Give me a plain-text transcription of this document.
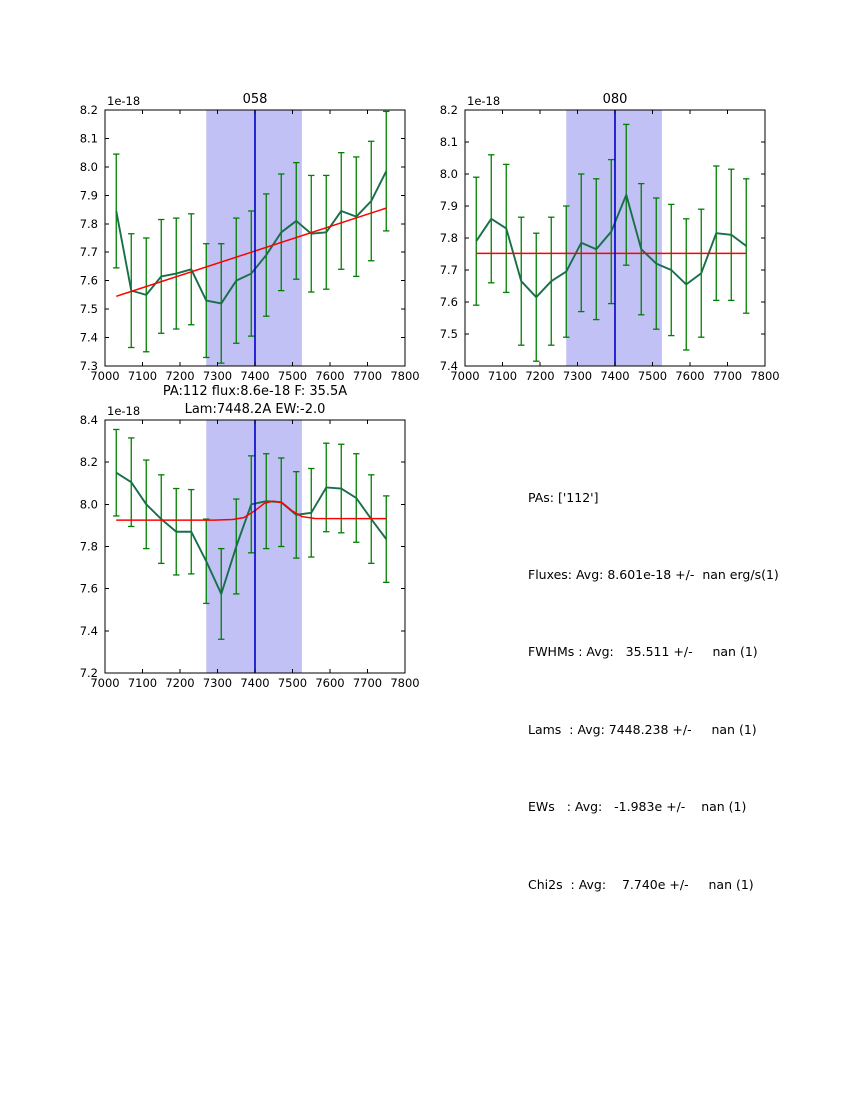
7000 7100 7200 7300 7400 7500 7600 7700 7800
7.3
7.4
7.5
7.6
7.7
7.8
7.9
8.0
8.1
8.2
058
1e-18
7000 7100 7200 7300 7400 7500 7600 7700 7800
7.4
7.5
7.6
7.7
7.8
7.9
8.0
8.1
8.2
080
1e-18
7000 7100 7200 7300 7400 7500 7600 7700 7800
7.2
7.4
7.6
7.8
8.0
8.2
8.4
PA:112 flux:8.6e-18 F: 35.5A
Lam:7448.2A EW:-2.0
1e-18

PAs: ['112']

Fluxes: Avg: 8.601e-18 +/-  nan erg/s(1)

FWHMs : Avg:   35.511 +/-     nan (1)

Lams  : Avg: 7448.238 +/-     nan (1)

EWs   : Avg:   -1.983e +/-    nan (1)

Chi2s  : Avg:    7.740e +/-     nan (1)
